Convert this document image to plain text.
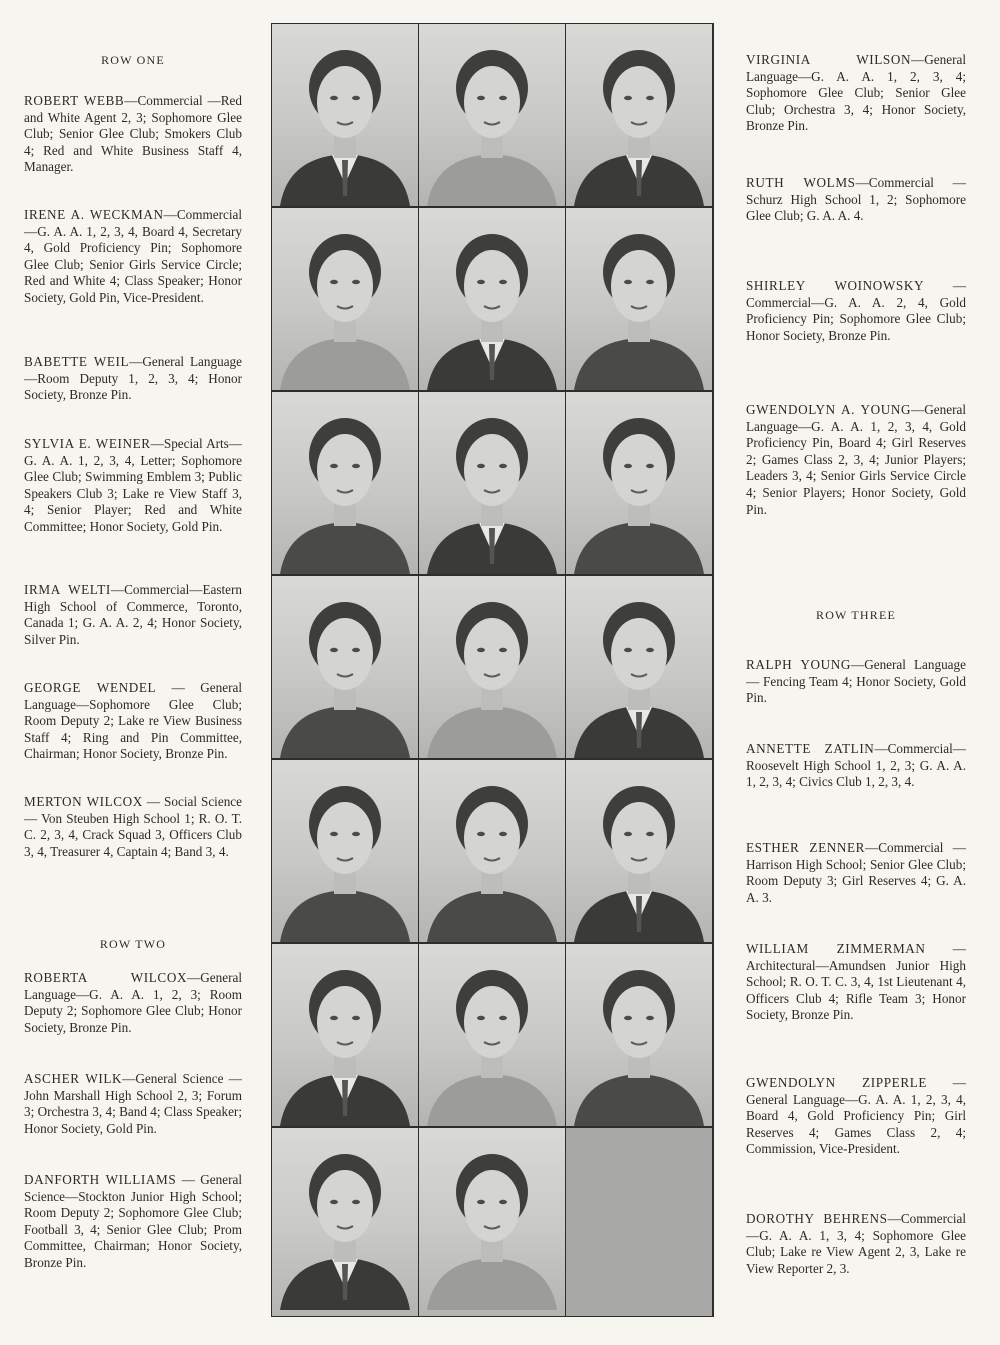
ROW ONE
ROBERT WEBB—Commercial —Red and White Agent 2, 3; Sophomore Glee Club; Senior Glee Club; Smokers Club 4; Red and White Business Staff 4, Manager.
IRENE A. WECKMAN—Commercial—G. A. A. 1, 2, 3, 4, Board 4, Secretary 4, Gold Proficiency Pin; Sophomore Glee Club; Senior Girls Service Circle; Red and White 4; Class Speaker; Honor Society, Gold Pin, Vice-President.
BABETTE WEIL—General Language—Room Deputy 1, 2, 3, 4; Honor Society, Bronze Pin.
SYLVIA E. WEINER—Special Arts—G. A. A. 1, 2, 3, 4, Letter; Sophomore Glee Club; Swimming Emblem 3; Public Speakers Club 3; Lake re View Staff 3, 4; Senior Player; Red and White Committee; Honor Society, Gold Pin.
IRMA WELTI—Commercial—Eastern High School of Commerce, Toronto, Canada 1; G. A. A. 2, 4; Honor Society, Silver Pin.
GEORGE WENDEL — General Language—Sophomore Glee Club; Room Deputy 2; Lake re View Business Staff 4; Ring and Pin Committee, Chairman; Honor Society, Bronze Pin.
MERTON WILCOX — Social Science — Von Steuben High School 1; R. O. T. C. 2, 3, 4, Crack Squad 3, Officers Club 3, 4, Treasurer 4, Captain 4; Band 3, 4.
ROW TWO
ROBERTA WILCOX—General Language—G. A. A. 1, 2, 3; Room Deputy 2; Sophomore Glee Club; Honor Society, Bronze Pin.
ASCHER WILK—General Science — John Marshall High School 2, 3; Forum 3; Orchestra 3, 4; Band 4; Class Speaker; Honor Society, Gold Pin.
DANFORTH WILLIAMS — General Science—Stockton Junior High School; Room Deputy 2; Sophomore Glee Club; Football 3, 4; Senior Glee Club; Prom Committee, Chairman; Honor Society, Bronze Pin.
VIRGINIA WILSON—General Language—G. A. A. 1, 2, 3, 4; Sophomore Glee Club; Senior Glee Club; Orchestra 3, 4; Honor Society, Bronze Pin.
RUTH WOLMS—Commercial —Schurz High School 1, 2; Sophomore Glee Club; G. A. A. 4.
SHIRLEY WOINOWSKY — Commercial—G. A. A. 2, 4, Gold Proficiency Pin; Sophomore Glee Club; Honor Society, Bronze Pin.
GWENDOLYN A. YOUNG—General Language—G. A. A. 1, 2, 3, 4, Gold Proficiency Pin, Board 4; Girl Reserves 2; Games Class 2, 3, 4; Junior Players; Leaders 3, 4; Senior Girls Service Circle 4; Senior Players; Honor Society, Gold Pin.
ROW THREE
RALPH YOUNG—General Language — Fencing Team 4; Honor Society, Gold Pin.
ANNETTE ZATLIN—Commercial—Roosevelt High School 1, 2, 3; G. A. A. 1, 2, 3, 4; Civics Club 1, 2, 3, 4.
ESTHER ZENNER—Commercial — Harrison High School; Senior Glee Club; Room Deputy 3; Girl Reserves 4; G. A. A. 3.
WILLIAM ZIMMERMAN — Architectural—Amundsen Junior High School; R. O. T. C. 3, 4, 1st Lieutenant 4, Officers Club 4; Rifle Team 3; Honor Society, Bronze Pin.
GWENDOLYN ZIPPERLE — General Language—G. A. A. 1, 2, 3, 4, Board 4, Gold Proficiency Pin; Girl Reserves 4; Games Class 2, 4; Commission, Vice-President.
DOROTHY BEHRENS—Commercial—G. A. A. 1, 3, 4; Sophomore Glee Club; Lake re View Agent 2, 3, Lake re View Reporter 2, 3.
